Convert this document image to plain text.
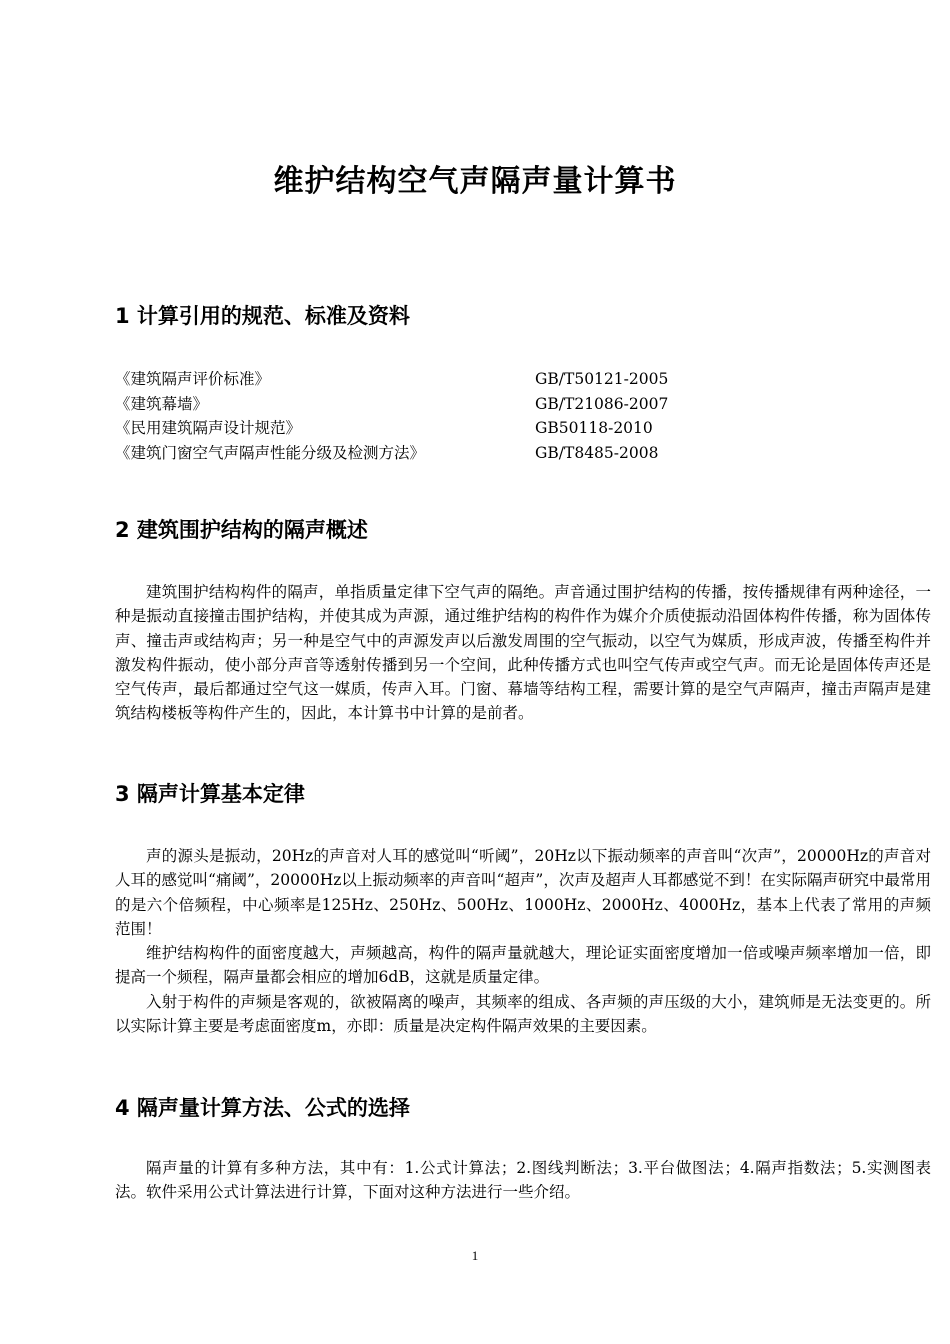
维护结构空气声隔声量计算书
1 计算引用的规范、标准及资料
《建筑隔声评价标准》	GB/T50121-2005
《建筑幕墙》	GB/T21086-2007
《民用建筑隔声设计规范》	GB50118-2010
《建筑门窗空气声隔声性能分级及检测方法》	GB/T8485-2008
2 建筑围护结构的隔声概述

建筑围护结构构件的隔声，单指质量定律下空气声的隔绝。声音通过围护结构的传播，按传播规律有两种途径，一种是振动直接撞击围护结构，并使其成为声源，通过维护结构的构件作为媒介介质使振动沿固体构件传播，称为固体传声、撞击声或结构声；另一种是空气中的声源发声以后激发周围的空气振动，以空气为媒质，形成声波，传播至构件并激发构件振动，使小部分声音等透射传播到另一个空间，此种传播方式也叫空气传声或空气声。而无论是固体传声还是空气传声，最后都通过空气这一媒质，传声入耳。门窗、幕墙等结构工程，需要计算的是空气声隔声，撞击声隔声是建筑结构楼板等构件产生的，因此，本计算书中计算的是前者。

3 隔声计算基本定律

声的源头是振动，20Hz的声音对人耳的感觉叫“听阈”，20Hz以下振动频率的声音叫“次声”，20000Hz的声音对人耳的感觉叫“痛阈”，20000Hz以上振动频率的声音叫“超声”，次声及超声人耳都感觉不到！在实际隔声研究中最常用的是六个倍频程，中心频率是125Hz、250Hz、500Hz、1000Hz、2000Hz、4000Hz，基本上代表了常用的声频范围！

维护结构构件的面密度越大，声频越高，构件的隔声量就越大，理论证实面密度增加一倍或噪声频率增加一倍，即提高一个频程，隔声量都会相应的增加6dB，这就是质量定律。

入射于构件的声频是客观的，欲被隔离的噪声，其频率的组成、各声频的声压级的大小，建筑师是无法变更的。所以实际计算主要是考虑面密度m，亦即：质量是决定构件隔声效果的主要因素。

4 隔声量计算方法、公式的选择

隔声量的计算有多种方法，其中有：1.公式计算法；2.图线判断法；3.平台做图法；4.隔声指数法；5.实测图表法。软件采用公式计算法进行计算，下面对这种方法进行一些介绍。

1
